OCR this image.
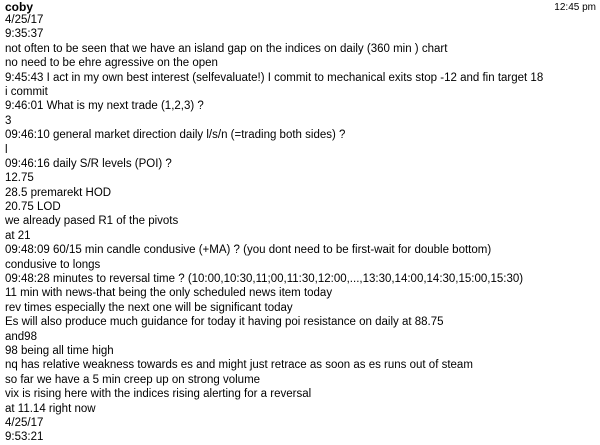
coby	12:45 pm
4/25/17
9:35:37
not often to be seen that we have an island gap on the indices on daily (360 min ) chart
no need to be ehre agressive on the open
9:45:43 I act in my own best interest (selfevaluate!) I commit to mechanical exits stop -12 and fin target 18
i commit
9:46:01 What is my next trade (1,2,3) ?
3
09:46:10 general market direction daily l/s/n (=trading both sides) ?
l
09:46:16 daily S/R levels (POI) ?
12.75
28.5 premarekt HOD
20.75 LOD
we already pased R1 of the pivots
at 21
09:48:09 60/15 min candle condusive (+MA) ? (you dont need to be first-wait for double bottom)
condusive to longs
09:48:28 minutes to reversal time ? (10:00,10:30,11;00,11:30,12:00,...,13:30,14:00,14:30,15:00,15:30)
11 min with news-that being the only scheduled news item today
rev times especially the next one will be significant today
Es will also produce much guidance for today it having poi resistance on daily at 88.75
and98
98 being all time high
nq has relative weakness towards es and might just retrace as soon as es runs out of steam
so far we have a 5 min creep up on strong volume
vix is rising here with the indices rising alerting for a reversal
at 11.14 right now
4/25/17
9:53:21
